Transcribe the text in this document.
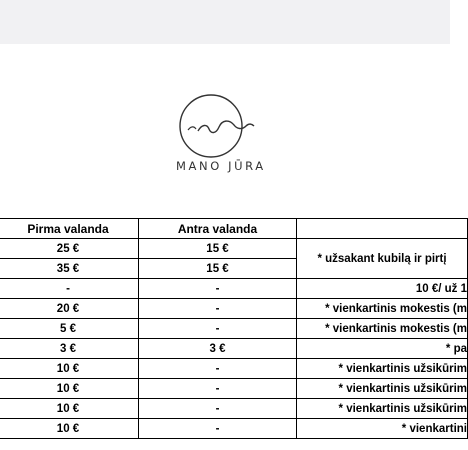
MANO JŪRA
Pirma valanda	Antra valanda	
25 €	15 €	* užsakant kubilą ir pirtį
35 €	15 €	
-	-	10 €/ už 1
20 €	-	* vienkartinis mokestis (m
5 €	-	* vienkartinis mokestis (m
3 €	3 €	* pa
10 €	-	* vienkartinis užsikūrim
10 €	-	* vienkartinis užsikūrim
10 €	-	* vienkartinis užsikūrim
10 €	-	* vienkartini
